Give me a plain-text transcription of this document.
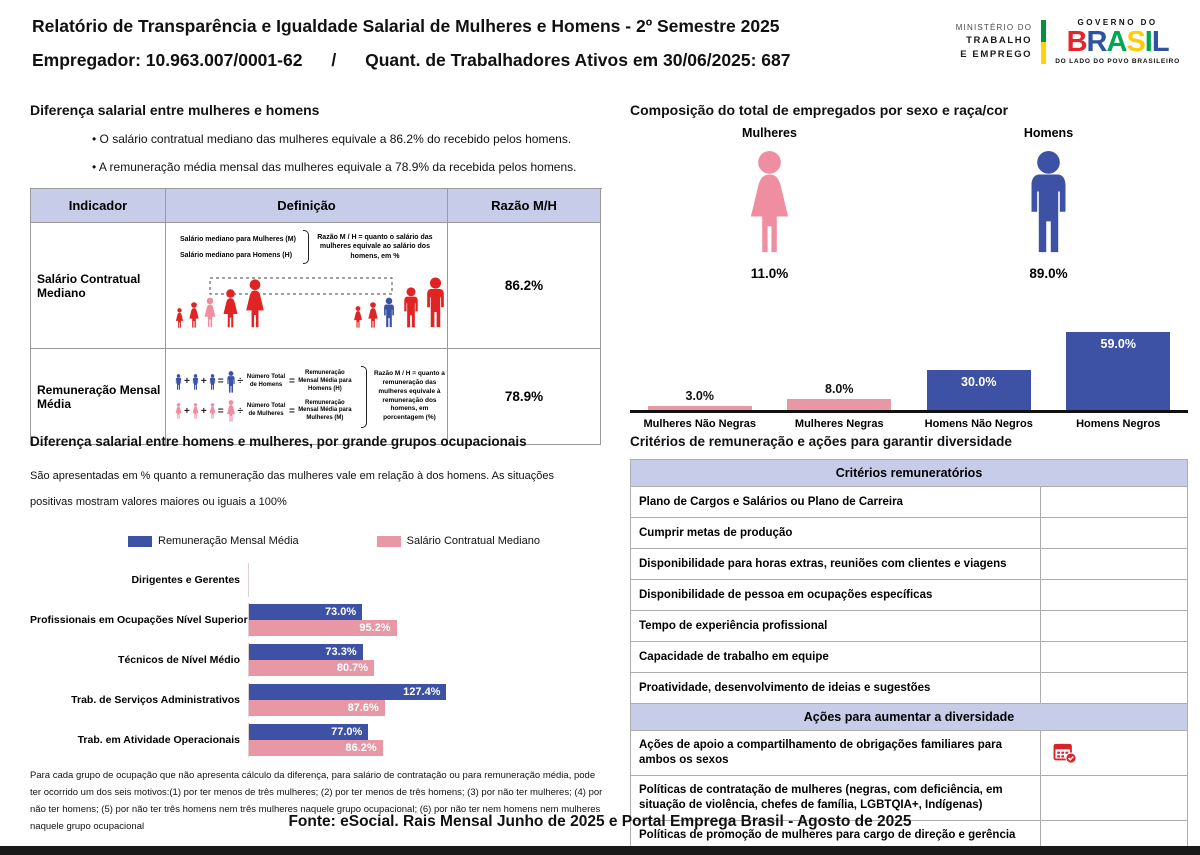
Relatório de Transparência e Igualdade Salarial de Mulheres e Homens - 2º Semestre 2025
Empregador: 10.963.007/0001-62 / Quant. de Trabalhadores Ativos em 30/06/2025: 687
MINISTÉRIO DO
TRABALHO
E EMPREGO
GOVERNO DO
BRASIL
DO LADO DO POVO BRASILEIRO
Diferença salarial entre mulheres e homens
• O salário contratual mediano das mulheres equivale a 86.2% do recebido pelos homens.
• A remuneração média mensal das mulheres equivale a 78.9% da recebida pelos homens.
Indicador	Definição	Razão M/H
Salário Contratual Mediano
Salário mediano para Mulheres (M)
Salário mediano para Homens (H)
Razão M / H = quanto o salário das mulheres equivale ao salário dos homens, em %
86.2%
Remuneração Mensal Média
+ + = ÷ Número Total de Homens =
Remuneração Mensal Média para Homens (H)
+ + = ÷ Número Total de Mulheres =
Remuneração Mensal Média para Mulheres (M)
Razão M / H = quanto a remuneração das mulheres equivale à remuneração dos homens, em porcentagem (%)
78.9%
Composição do total de empregados por sexo e raça/cor
Mulheres
11.0%
Homens
89.0%
3.0%	8.0%
30.0%
59.0%
Mulheres Não Negras	Mulheres Negras	Homens Não Negros	Homens Negros
Diferença salarial entre homens e mulheres, por grande grupos ocupacionais
São apresentadas em % quanto a remuneração das mulheres vale em relação à dos homens. As situações positivas mostram valores maiores ou iguais a 100%
Remuneração Mensal Média	Salário Contratual Mediano
Dirigentes e Gerentes
Profissionais em Ocupações Nível Superior
73.0%
95.2%
Técnicos de Nível Médio
73.3%
80.7%
Trab. de Serviços Administrativos
127.4%
87.6%
Trab. em Atividade Operacionais
77.0%
86.2%
Para cada grupo de ocupação que não apresenta cálculo da diferença, para salário de contratação ou para remuneração média, pode ter ocorrido um dos seis motivos:(1) por ter menos de três mulheres; (2) por ter menos de três homens; (3) por não ter mulheres; (4) por não ter homens; (5) por não ter três homens nem três mulheres naquele grupo ocupacional; (6) por não ter nem homens nem mulheres naquele grupo ocupacional
Critérios de remuneração e ações para garantir diversidade
Critérios remuneratórios
Plano de Cargos e Salários ou Plano de Carreira
Cumprir metas de produção
Disponibilidade para horas extras, reuniões com clientes e viagens
Disponibilidade de pessoa em ocupações específicas
Tempo de experiência profissional
Capacidade de trabalho em equipe
Proatividade, desenvolvimento de ideias e sugestões
Ações para aumentar a diversidade
Ações de apoio a compartilhamento de obrigações familiares para ambos os sexos
Políticas de contratação de mulheres (negras, com deficiência, em situação de violência, chefes de família, LGBTQIA+, Indígenas)
Políticas de promoção de mulheres para cargo de direção e gerência
Fonte: eSocial. Rais Mensal Junho de 2025 e Portal Emprega Brasil - Agosto de 2025
